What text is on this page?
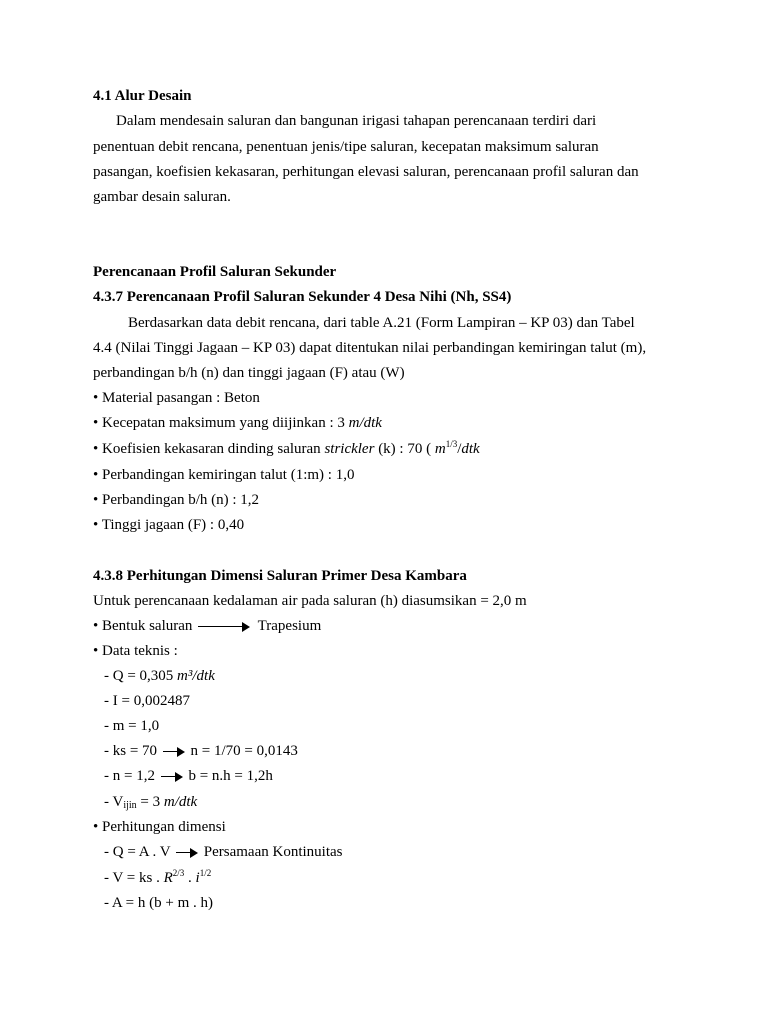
4.1 Alur Desain
Dalam mendesain saluran dan bangunan irigasi tahapan perencanaan terdiri dari
penentuan debit rencana, penentuan jenis/tipe saluran, kecepatan maksimum saluran
pasangan, koefisien kekasaran, perhitungan elevasi saluran, perencanaan profil saluran dan
gambar desain saluran.
Perencanaan Profil Saluran Sekunder
4.3.7 Perencanaan Profil Saluran Sekunder 4 Desa Nihi (Nh, SS4)
Berdasarkan data debit rencana, dari table A.21 (Form Lampiran – KP 03) dan Tabel
4.4 (Nilai Tinggi Jagaan – KP 03) dapat ditentukan nilai perbandingan kemiringan talut (m),
perbandingan b/h (n) dan tinggi jagaan (F) atau (W)
• Material pasangan : Beton
• Kecepatan maksimum yang diijinkan : 3 m/dtk
• Koefisien kekasaran dinding saluran strickler (k) : 70 ( $m^{1/3}$/dtk
• Perbandingan kemiringan talut (1:m) : 1,0
• Perbandingan b/h (n) : 1,2
• Tinggi jagaan (F) : 0,40
4.3.8 Perhitungan Dimensi Saluran Primer Desa Kambara
Untuk perencanaan kedalaman air pada saluran (h) diasumsikan = 2,0 m
• Bentuk saluran	Trapesium
• Data teknis :
- Q = 0,305 m³/dtk
- I = 0,002487
- m = 1,0
- ks = 70 n = 1/70 = 0,0143
- n = 1,2 b = n.h = 1,2h
- $V_{ijin} = 3$ m/dtk
• Perhitungan dimensi
- Q = A . V Persamaan Kontinuitas
- V = ks . $R^{2/3}$ . $i^{1/2}$
- A = h (b + m . h)
